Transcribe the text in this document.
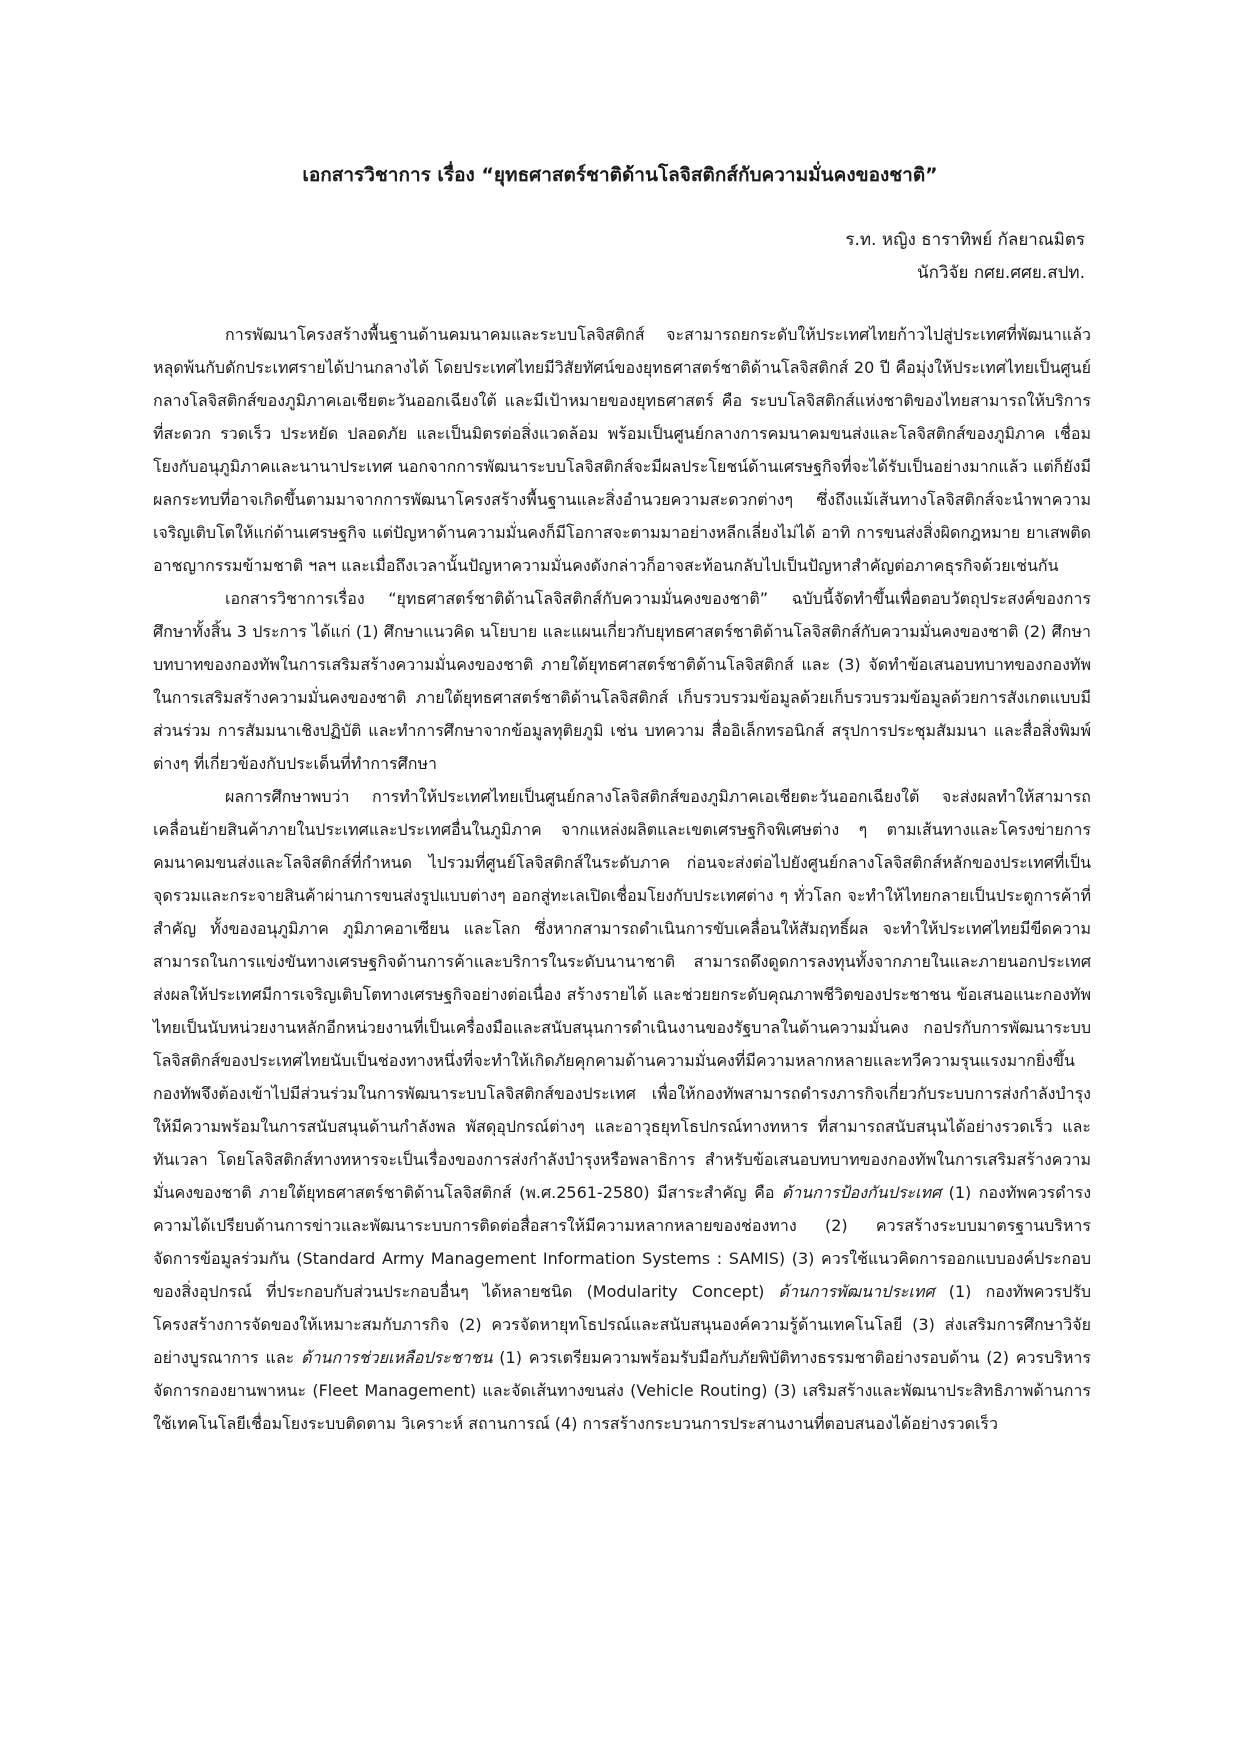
เอกสารวิชาการ เรื่อง “ยุทธศาสตร์ชาติด้านโลจิสติกส์กับความมั่นคงของชาติ”
ร.ท. หญิง ธาราทิพย์ กัลยาณมิตร
นักวิจัย กศย.ศศย.สปท.

การพัฒนาโครงสร้างพื้นฐานด้านคมนาคมและระบบโลจิสติกส์ จะสามารถยกระดับให้ประเทศไทยก้าวไปสู่ประเทศที่พัฒนาแล้ว หลุดพ้นกับดักประเทศรายได้ปานกลางได้ โดยประเทศไทยมีวิสัยทัศน์ของยุทธศาสตร์ชาติด้านโลจิสติกส์ 20 ปี คือมุ่งให้ประเทศไทยเป็นศูนย์กลางโลจิสติกส์ของภูมิภาคเอเชียตะวันออกเฉียงใต้ และมีเป้าหมายของยุทธศาสตร์ คือ ระบบโลจิสติกส์แห่งชาติของไทยสามารถให้บริการที่สะดวก รวดเร็ว ประหยัด ปลอดภัย และเป็นมิตรต่อสิ่งแวดล้อม พร้อมเป็นศูนย์กลางการคมนาคมขนส่งและโลจิสติกส์ของภูมิภาค เชื่อมโยงกับอนุภูมิภาคและนานาประเทศ นอกจากการพัฒนาระบบโลจิสติกส์จะมีผลประโยชน์ด้านเศรษฐกิจที่จะได้รับเป็นอย่างมากแล้ว แต่ก็ยังมีผลกระทบที่อาจเกิดขึ้นตามมาจากการพัฒนาโครงสร้างพื้นฐานและสิ่งอำนวยความสะดวกต่างๆ ซึ่งถึงแม้เส้นทางโลจิสติกส์จะนำพาความเจริญเติบโตให้แก่ด้านเศรษฐกิจ แต่ปัญหาด้านความมั่นคงก็มีโอกาสจะตามมาอย่างหลีกเลี่ยงไม่ได้ อาทิ การขนส่งสิ่งผิดกฎหมาย ยาเสพติด อาชญากรรมข้ามชาติ ฯลฯ และเมื่อถึงเวลานั้นปัญหาความมั่นคงดังกล่าวก็อาจสะท้อนกลับไปเป็นปัญหาสำคัญต่อภาคธุรกิจด้วยเช่นกัน

เอกสารวิชาการเรื่อง “ยุทธศาสตร์ชาติด้านโลจิสติกส์กับความมั่นคงของชาติ” ฉบับนี้จัดทำขึ้นเพื่อตอบวัตถุประสงค์ของการศึกษาทั้งสิ้น 3 ประการ ได้แก่ (1) ศึกษาแนวคิด นโยบาย และแผนเกี่ยวกับยุทธศาสตร์ชาติด้านโลจิสติกส์กับความมั่นคงของชาติ (2) ศึกษาบทบาทของกองทัพในการเสริมสร้างความมั่นคงของชาติ ภายใต้ยุทธศาสตร์ชาติด้านโลจิสติกส์ และ (3) จัดทำข้อเสนอบทบาทของกองทัพในการเสริมสร้างความมั่นคงของชาติ ภายใต้ยุทธศาสตร์ชาติด้านโลจิสติกส์ เก็บรวบรวมข้อมูลด้วยเก็บรวบรวมข้อมูลด้วยการสังเกตแบบมีส่วนร่วม การสัมมนาเชิงปฏิบัติ และทำการศึกษาจากข้อมูลทุติยภูมิ เช่น บทความ สื่ออิเล็กทรอนิกส์ สรุปการประชุมสัมมนา และสื่อสิ่งพิมพ์ต่างๆ ที่เกี่ยวข้องกับประเด็นที่ทำการศึกษา

ผลการศึกษาพบว่า การทำให้ประเทศไทยเป็นศูนย์กลางโลจิสติกส์ของภูมิภาคเอเชียตะวันออกเฉียงใต้ จะส่งผลทำให้สามารถเคลื่อนย้ายสินค้าภายในประเทศและประเทศอื่นในภูมิภาค จากแหล่งผลิตและเขตเศรษฐกิจพิเศษต่าง ๆ ตามเส้นทางและโครงข่ายการคมนาคมขนส่งและโลจิสติกส์ที่กำหนด ไปรวมที่ศูนย์โลจิสติกส์ในระดับภาค ก่อนจะส่งต่อไปยังศูนย์กลางโลจิสติกส์หลักของประเทศที่เป็นจุดรวมและกระจายสินค้าผ่านการขนส่งรูปแบบต่างๆ ออกสู่ทะเลเปิดเชื่อมโยงกับประเทศต่าง ๆ ทั่วโลก จะทำให้ไทยกลายเป็นประตูการค้าที่สำคัญ ทั้งของอนุภูมิภาค ภูมิภาคอาเซียน และโลก ซึ่งหากสามารถดำเนินการขับเคลื่อนให้สัมฤทธิ์ผล จะทำให้ประเทศไทยมีขีดความสามารถในการแข่งขันทางเศรษฐกิจด้านการค้าและบริการในระดับนานาชาติ สามารถดึงดูดการลงทุนทั้งจากภายในและภายนอกประเทศ ส่งผลให้ประเทศมีการเจริญเติบโตทางเศรษฐกิจอย่างต่อเนื่อง สร้างรายได้ และช่วยยกระดับคุณภาพชีวิตของประชาชน ข้อเสนอแนะกองทัพไทยเป็นนับหน่วยงานหลักอีกหน่วยงานที่เป็นเครื่องมือและสนับสนุนการดำเนินงานของรัฐบาลในด้านความมั่นคง กอปรกับการพัฒนาระบบโลจิสติกส์ของประเทศไทยนับเป็นช่องทางหนึ่งที่จะทำให้เกิดภัยคุกคามด้านความมั่นคงที่มีความหลากหลายและทวีความรุนแรงมากยิ่งขึ้น กองทัพจึงต้องเข้าไปมีส่วนร่วมในการพัฒนาระบบโลจิสติกส์ของประเทศ เพื่อให้กองทัพสามารถดำรงภารกิจเกี่ยวกับระบบการส่งกำลังบำรุงให้มีความพร้อมในการสนับสนุนด้านกำลังพล พัสดุอุปกรณ์ต่างๆ และอาวุธยุทโธปกรณ์ทางทหาร ที่สามารถสนับสนุนได้อย่างรวดเร็ว และทันเวลา โดยโลจิสติกส์ทางทหารจะเป็นเรื่องของการส่งกำลังบำรุงหรือพลาธิการ สำหรับข้อเสนอบทบาทของกองทัพในการเสริมสร้างความมั่นคงของชาติ ภายใต้ยุทธศาสตร์ชาติด้านโลจิสติกส์ (พ.ศ.2561-2580) มีสาระสำคัญ คือ ด้านการป้องกันประเทศ (1) กองทัพควรดำรงความได้เปรียบด้านการข่าวและพัฒนาระบบการติดต่อสื่อสารให้มีความหลากหลายของช่องทาง (2) ควรสร้างระบบมาตรฐานบริหารจัดการข้อมูลร่วมกัน (Standard Army Management Information Systems : SAMIS) (3) ควรใช้แนวคิดการออกแบบองค์ประกอบของสิ่งอุปกรณ์ ที่ประกอบกับส่วนประกอบอื่นๆ ได้หลายชนิด (Modularity Concept) ด้านการพัฒนาประเทศ (1) กองทัพควรปรับโครงสร้างการจัดของให้เหมาะสมกับภารกิจ (2) ควรจัดหายุทโธปรณ์และสนับสนุนองค์ความรู้ด้านเทคโนโลยี (3) ส่งเสริมการศึกษาวิจัยอย่างบูรณาการ และ ด้านการช่วยเหลือประชาชน (1) ควรเตรียมความพร้อมรับมือกับภัยพิบัติทางธรรมชาติอย่างรอบด้าน (2) ควรบริหารจัดการกองยานพาหนะ (Fleet Management) และจัดเส้นทางขนส่ง (Vehicle Routing) (3) เสริมสร้างและพัฒนาประสิทธิภาพด้านการใช้เทคโนโลยีเชื่อมโยงระบบติดตาม วิเคราะห์ สถานการณ์ (4) การสร้างกระบวนการประสานงานที่ตอบสนองได้อย่างรวดเร็ว
